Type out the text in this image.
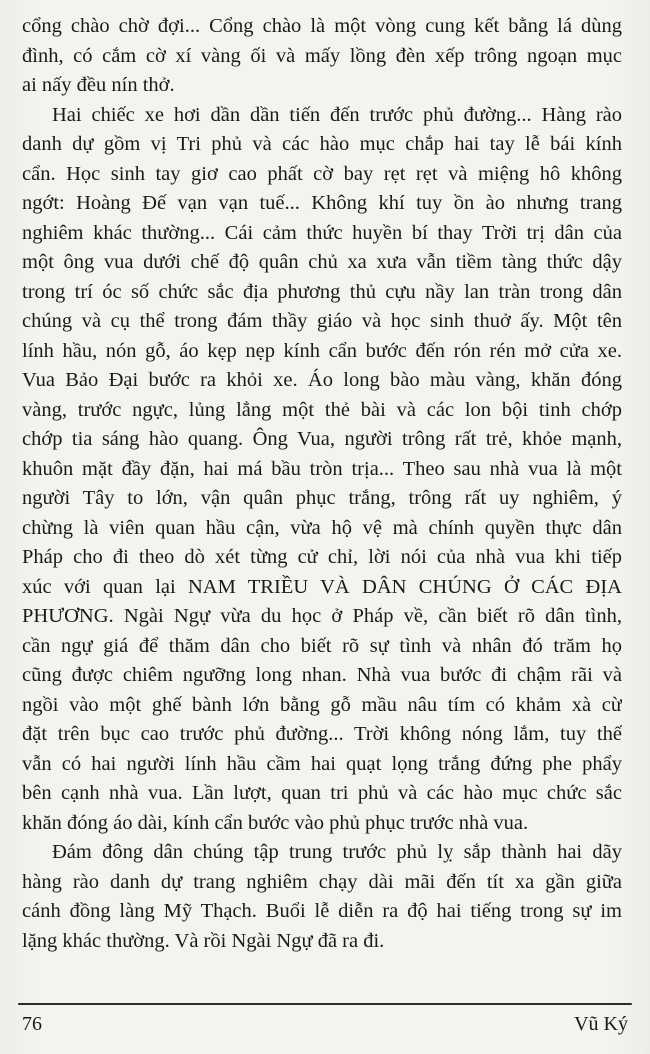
cổng chào chờ đợi... Cổng chào là một vòng cung kết bằng lá dùng
đình, có cắm cờ xí vàng ối và mấy lồng đèn xếp trông ngoạn mục
ai nấy đều nín thở.
Hai chiếc xe hơi dần dần tiến đến trước phủ đường... Hàng rào
danh dự gồm vị Tri phủ và các hào mục chắp hai tay lễ bái kính
cẩn. Học sinh tay giơ cao phất cờ bay rẹt rẹt và miệng hô không
ngớt: Hoàng Đế vạn vạn tuế... Không khí tuy ồn ào nhưng trang
nghiêm khác thường... Cái cảm thức huyền bí thay Trời trị dân của
một ông vua dưới chế độ quân chủ xa xưa vẫn tiềm tàng thức dậy
trong trí óc số chức sắc địa phương thủ cựu nầy lan tràn trong dân
chúng và cụ thể trong đám thầy giáo và học sinh thuở ấy. Một tên
lính hầu, nón gỗ, áo kẹp nẹp kính cẩn bước đến rón rén mở cửa xe.
Vua Bảo Đại bước ra khỏi xe. Áo long bào màu vàng, khăn đóng
vàng, trước ngực, lủng lẳng một thẻ bài và các lon bội tinh chớp
chớp tia sáng hào quang. Ông Vua, người trông rất trẻ, khỏe mạnh,
khuôn mặt đầy đặn, hai má bầu tròn trịa... Theo sau nhà vua là một
người Tây to lớn, vận quân phục trắng, trông rất uy nghiêm, ý
chừng là viên quan hầu cận, vừa hộ vệ mà chính quyền thực dân
Pháp cho đi theo dò xét từng cử chỉ, lời nói của nhà vua khi tiếp
xúc với quan lại NAM TRIỀU VÀ DÂN CHÚNG Ở CÁC ĐỊA
PHƯƠNG. Ngài Ngự vừa du học ở Pháp về, cần biết rõ dân tình,
cần ngự giá để thăm dân cho biết rõ sự tình và nhân đó trăm họ
cũng được chiêm ngưỡng long nhan. Nhà vua bước đi chậm rãi và
ngồi vào một ghế bành lớn bằng gỗ mầu nâu tím có khảm xà cừ
đặt trên bục cao trước phủ đường... Trời không nóng lắm, tuy thế
vẫn có hai người lính hầu cầm hai quạt lọng trắng đứng phe phẩy
bên cạnh nhà vua. Lần lượt, quan tri phủ và các hào mục chức sắc
khăn đóng áo dài, kính cẩn bước vào phủ phục trước nhà vua.
Đám đông dân chúng tập trung trước phủ lỵ sắp thành hai dãy
hàng rào danh dự trang nghiêm chạy dài mãi đến tít xa gần giữa
cánh đồng làng Mỹ Thạch. Buổi lễ diễn ra độ hai tiếng trong sự im
lặng khác thường. Và rồi Ngài Ngự đã ra đi.
76	Vũ Ký
